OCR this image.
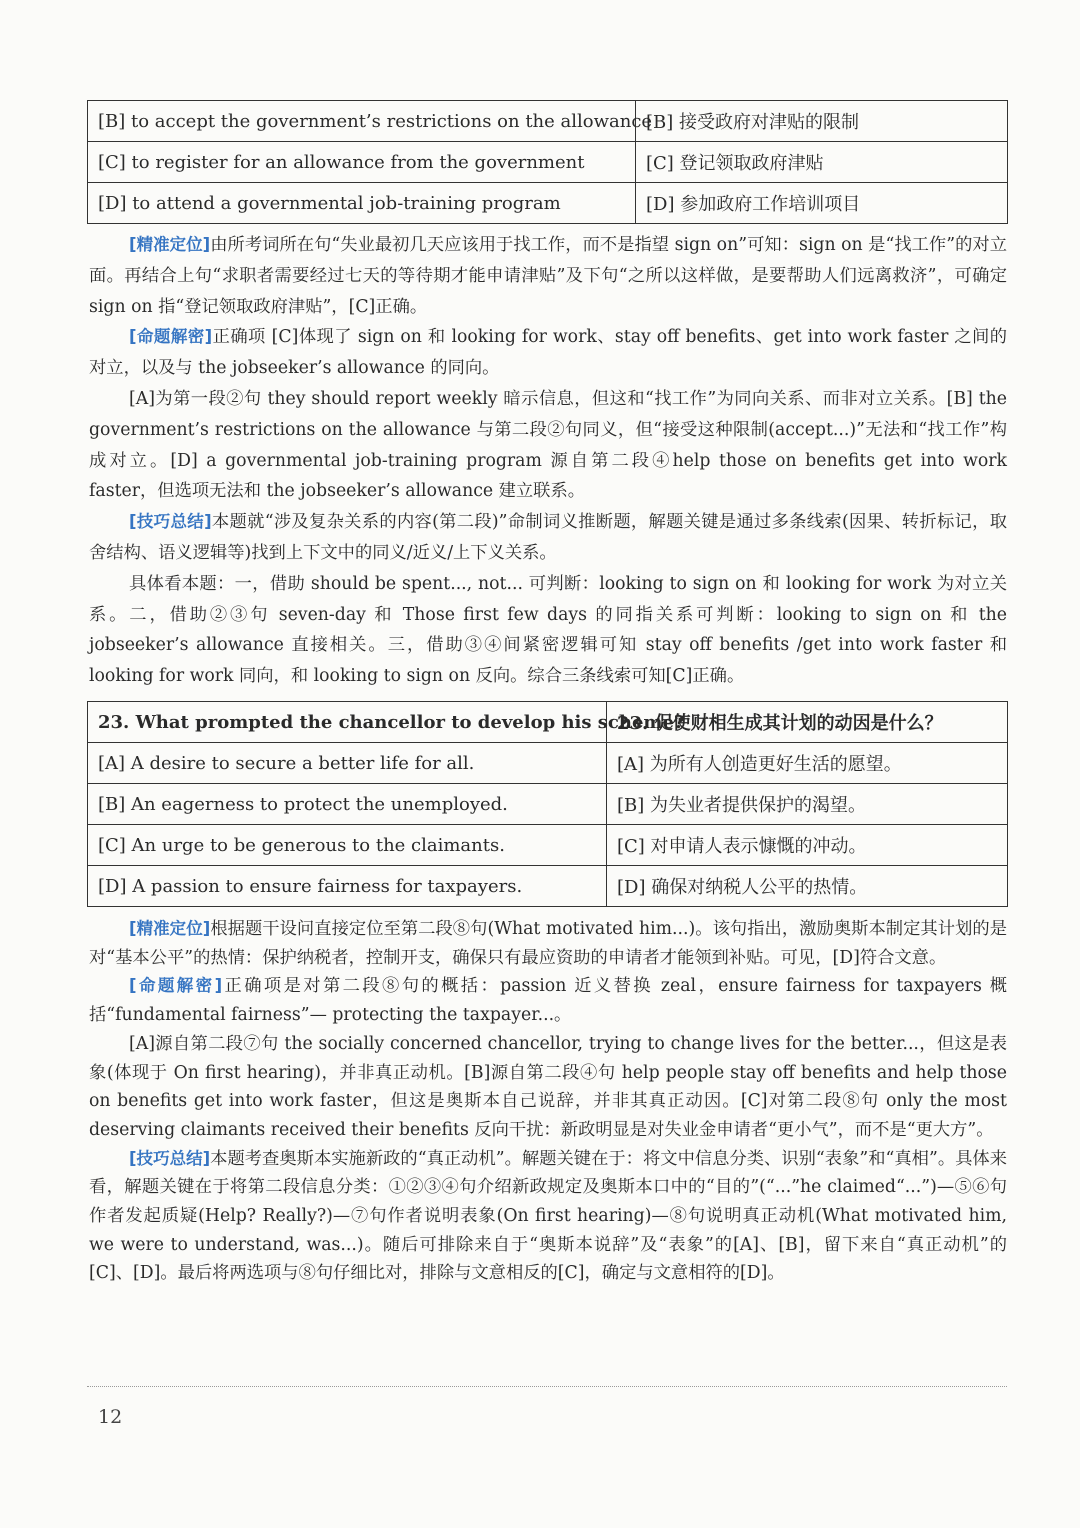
[B] to accept the government’s restrictions on the allowance	[B] 接受政府对津贴的限制
[C] to register for an allowance from the government	[C] 登记领取政府津贴
[D] to attend a governmental job-training program	[D] 参加政府工作培训项目

[精准定位]由所考词所在句“失业最初几天应该用于找工作，而不是指望 sign on”可知：sign on 是“找工作”的对立面。再结合上句“求职者需要经过七天的等待期才能申请津贴”及下句“之所以这样做，是要帮助人们远离救济”，可确定 sign on 指“登记领取政府津贴”，[C]正确。

[命题解密]正确项 [C]体现了 sign on 和 looking for work、stay off benefits、get into work faster 之间的对立，以及与 the jobseeker’s allowance 的同向。

[A]为第一段②句 they should report weekly 暗示信息，但这和“找工作”为同向关系、而非对立关系。[B] the government’s restrictions on the allowance 与第二段②句同义，但“接受这种限制(accept...)”无法和“找工作”构成对立。[D] a governmental job-training program 源自第二段④help those on benefits get into work faster，但选项无法和 the jobseeker’s allowance 建立联系。

[技巧总结]本题就“涉及复杂关系的内容(第二段)”命制词义推断题，解题关键是通过多条线索(因果、转折标记，取舍结构、语义逻辑等)找到上下文中的同义/近义/上下义关系。

具体看本题：一，借助 should be spent..., not... 可判断：looking to sign on 和 looking for work 为对立关系。二，借助②③句 seven-day 和 Those first few days 的同指关系可判断：looking to sign on 和 the jobseeker’s allowance 直接相关。三，借助③④间紧密逻辑可知 stay off benefits /get into work faster 和 looking for work 同向，和 looking to sign on 反向。综合三条线索可知[C]正确。

23. What prompted the chancellor to develop his scheme?	23. 促使财相生成其计划的动因是什么？
[A] A desire to secure a better life for all.	[A] 为所有人创造更好生活的愿望。
[B] An eagerness to protect the unemployed.	[B] 为失业者提供保护的渴望。
[C] An urge to be generous to the claimants.	[C] 对申请人表示慷慨的冲动。
[D] A passion to ensure fairness for taxpayers.	[D] 确保对纳税人公平的热情。

[精准定位]根据题干设问直接定位至第二段⑧句(What motivated him...)。该句指出，激励奥斯本制定其计划的是对“基本公平”的热情：保护纳税者，控制开支，确保只有最应资助的申请者才能领到补贴。可见，[D]符合文意。

[命题解密]正确项是对第二段⑧句的概括：passion 近义替换 zeal，ensure fairness for taxpayers 概括“fundamental fairness”— protecting the taxpayer...。

[A]源自第二段⑦句 the socially concerned chancellor, trying to change lives for the better...，但这是表象(体现于 On first hearing)，并非真正动机。[B]源自第二段④句 help people stay off benefits and help those on benefits get into work faster，但这是奥斯本自己说辞，并非其真正动因。[C]对第二段⑧句 only the most deserving claimants received their benefits 反向干扰：新政明显是对失业金申请者“更小气”，而不是“更大方”。

[技巧总结]本题考查奥斯本实施新政的“真正动机”。解题关键在于：将文中信息分类、识别“表象”和“真相”。具体来看，解题关键在于将第二段信息分类：①②③④句介绍新政规定及奥斯本口中的“目的”(“...”he claimed“...”)—⑤⑥句作者发起质疑(Help? Really?)—⑦句作者说明表象(On first hearing)—⑧句说明真正动机(What motivated him, we were to understand, was...)。随后可排除来自于“奥斯本说辞”及“表象”的[A]、[B]，留下来自“真正动机”的[C]、[D]。最后将两选项与⑧句仔细比对，排除与文意相反的[C]，确定与文意相符的[D]。

12
